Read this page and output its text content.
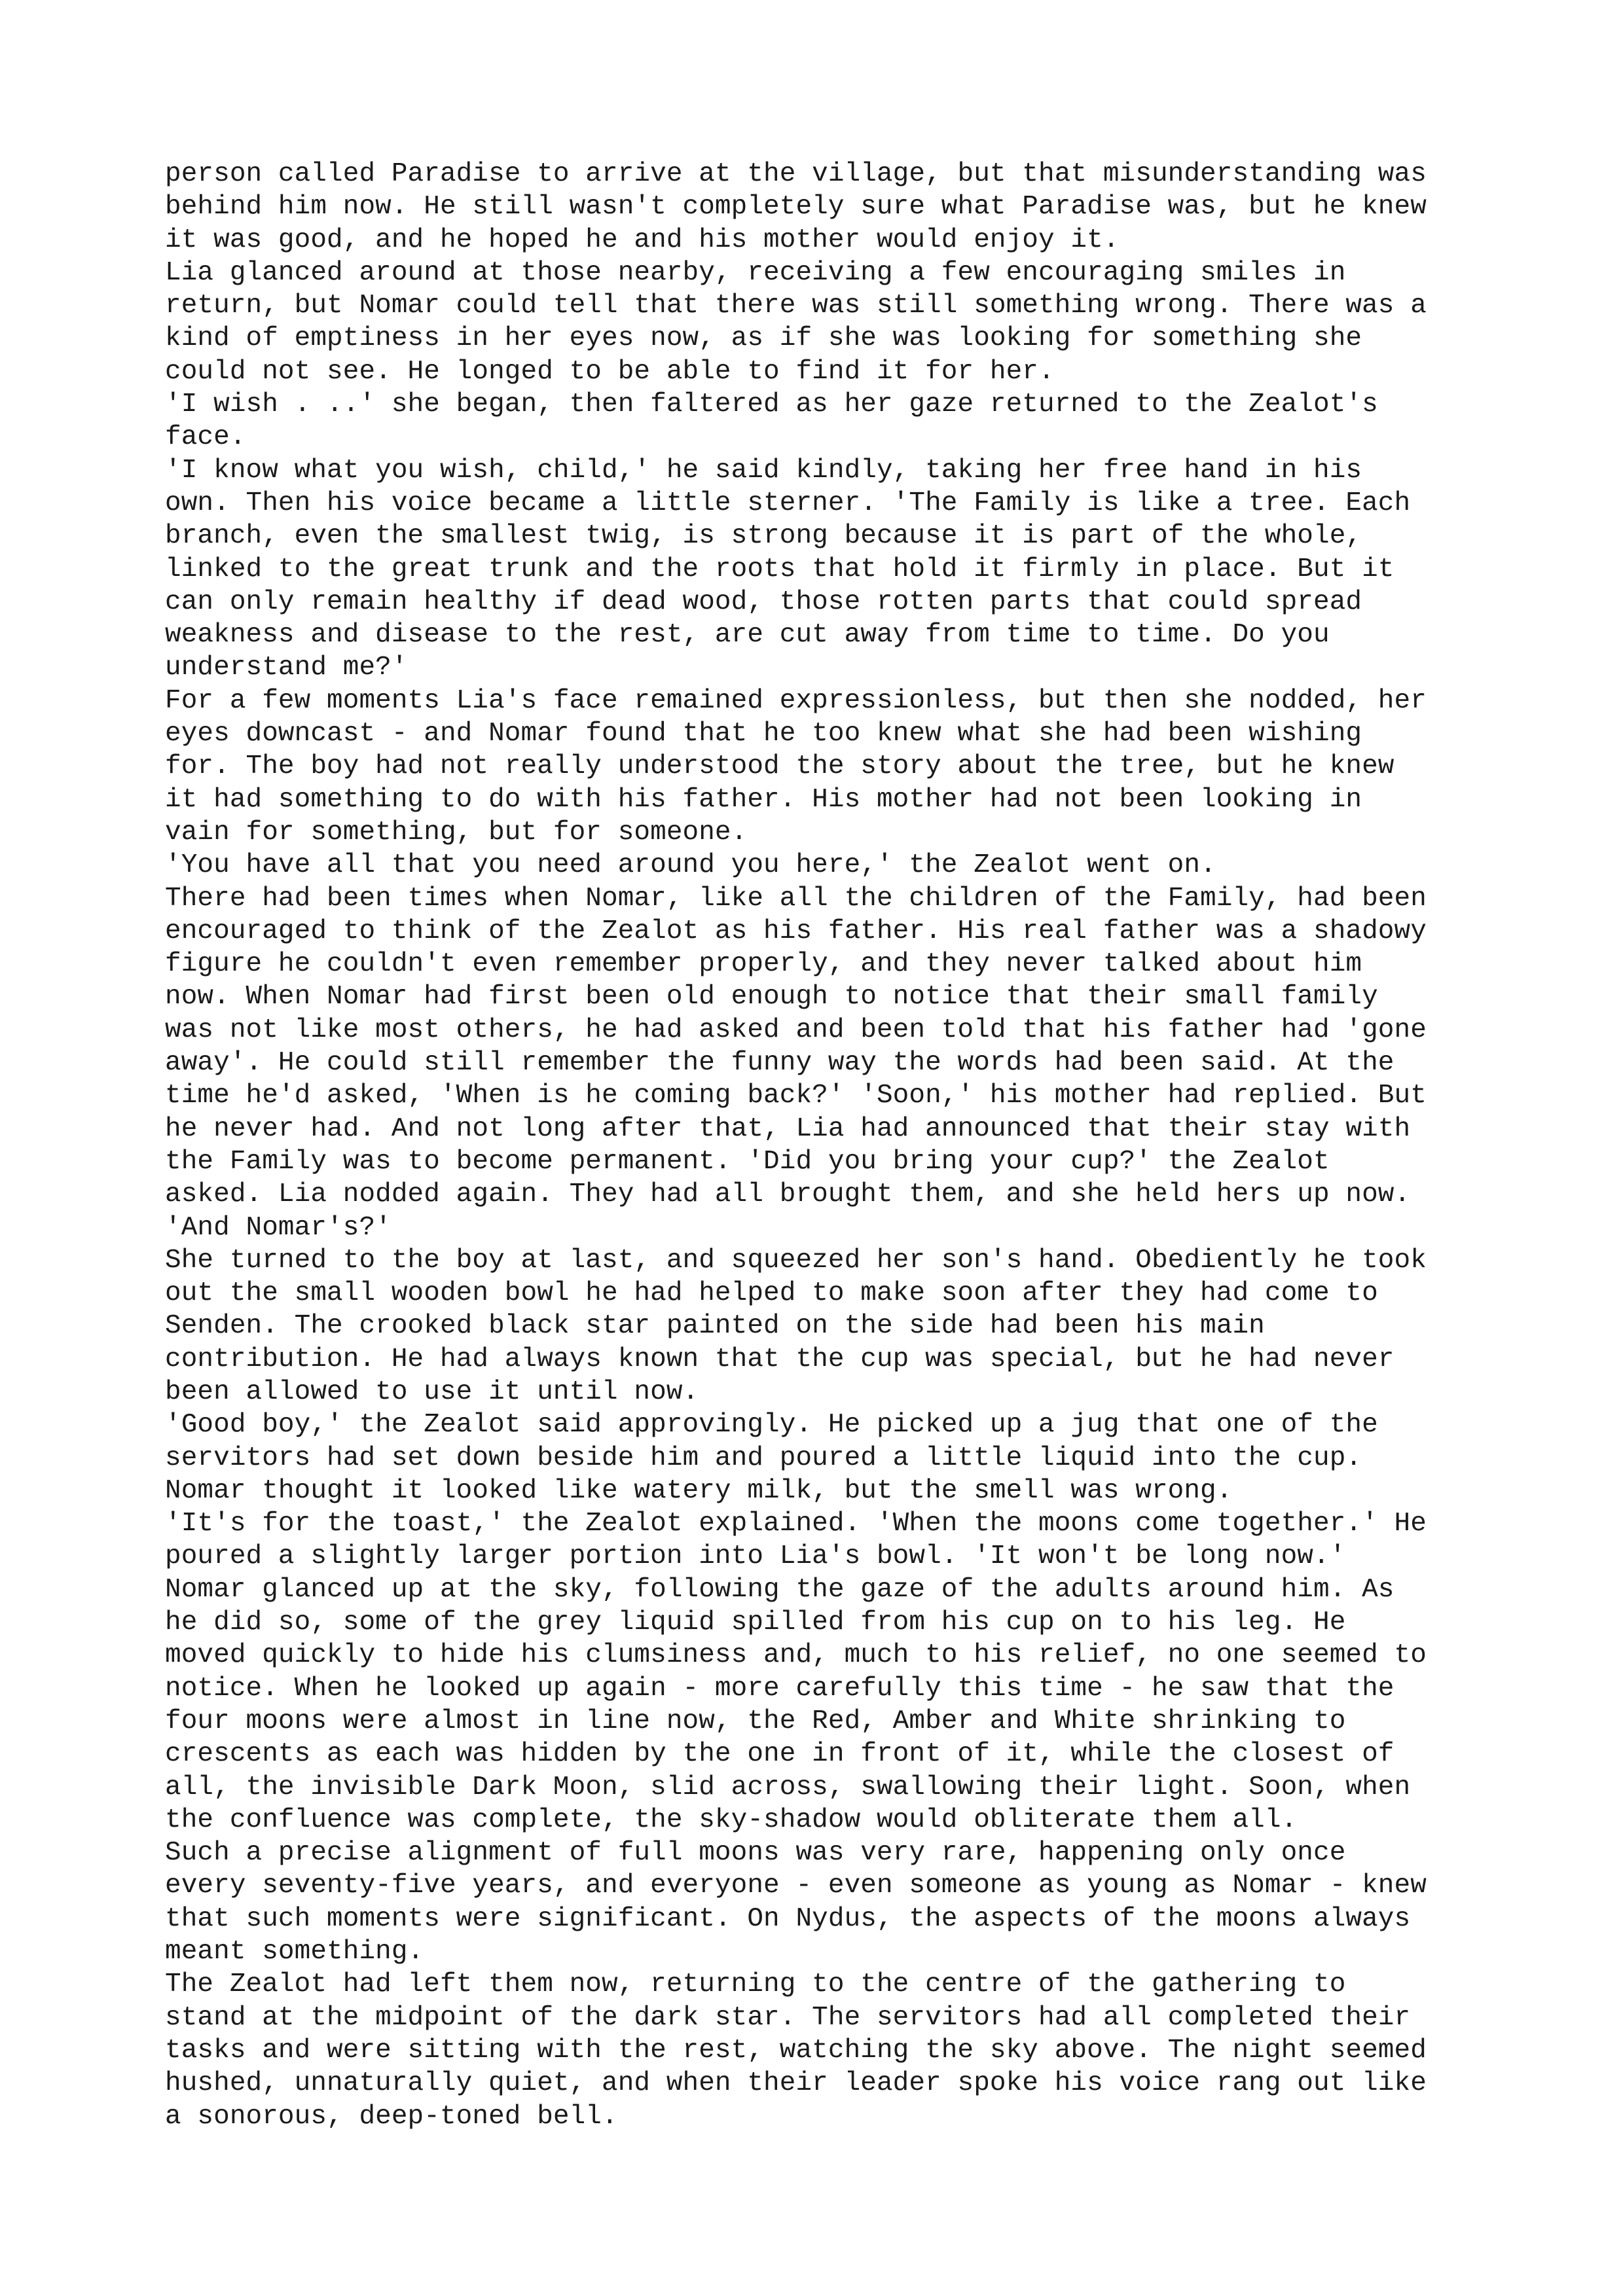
person called Paradise to arrive at the village, but that misunderstanding was
behind him now. He still wasn't completely sure what Paradise was, but he knew
it was good, and he hoped he and his mother would enjoy it.
Lia glanced around at those nearby, receiving a few encouraging smiles in
return, but Nomar could tell that there was still something wrong. There was a
kind of emptiness in her eyes now, as if she was looking for something she
could not see. He longed to be able to find it for her.
'I wish . ..' she began, then faltered as her gaze returned to the Zealot's
face.
'I know what you wish, child,' he said kindly, taking her free hand in his
own. Then his voice became a little sterner. 'The Family is like a tree. Each
branch, even the smallest twig, is strong because it is part of the whole,
linked to the great trunk and the roots that hold it firmly in place. But it
can only remain healthy if dead wood, those rotten parts that could spread
weakness and disease to the rest, are cut away from time to time. Do you
understand me?'
For a few moments Lia's face remained expressionless, but then she nodded, her
eyes downcast - and Nomar found that he too knew what she had been wishing
for. The boy had not really understood the story about the tree, but he knew
it had something to do with his father. His mother had not been looking in
vain for something, but for someone.
'You have all that you need around you here,' the Zealot went on.
There had been times when Nomar, like all the children of the Family, had been
encouraged to think of the Zealot as his father. His real father was a shadowy
figure he couldn't even remember properly, and they never talked about him
now. When Nomar had first been old enough to notice that their small family
was not like most others, he had asked and been told that his father had 'gone
away'. He could still remember the funny way the words had been said. At the
time he'd asked, 'When is he coming back?' 'Soon,' his mother had replied. But
he never had. And not long after that, Lia had announced that their stay with
the Family was to become permanent. 'Did you bring your cup?' the Zealot
asked. Lia nodded again. They had all brought them, and she held hers up now.
'And Nomar's?'
She turned to the boy at last, and squeezed her son's hand. Obediently he took
out the small wooden bowl he had helped to make soon after they had come to
Senden. The crooked black star painted on the side had been his main
contribution. He had always known that the cup was special, but he had never
been allowed to use it until now.
'Good boy,' the Zealot said approvingly. He picked up a jug that one of the
servitors had set down beside him and poured a little liquid into the cup.
Nomar thought it looked like watery milk, but the smell was wrong.
'It's for the toast,' the Zealot explained. 'When the moons come together.' He
poured a slightly larger portion into Lia's bowl. 'It won't be long now.'
Nomar glanced up at the sky, following the gaze of the adults around him. As
he did so, some of the grey liquid spilled from his cup on to his leg. He
moved quickly to hide his clumsiness and, much to his relief, no one seemed to
notice. When he looked up again - more carefully this time - he saw that the
four moons were almost in line now, the Red, Amber and White shrinking to
crescents as each was hidden by the one in front of it, while the closest of
all, the invisible Dark Moon, slid across, swallowing their light. Soon, when
the confluence was complete, the sky-shadow would obliterate them all.
Such a precise alignment of full moons was very rare, happening only once
every seventy-five years, and everyone - even someone as young as Nomar - knew
that such moments were significant. On Nydus, the aspects of the moons always
meant something.
The Zealot had left them now, returning to the centre of the gathering to
stand at the midpoint of the dark star. The servitors had all completed their
tasks and were sitting with the rest, watching the sky above. The night seemed
hushed, unnaturally quiet, and when their leader spoke his voice rang out like
a sonorous, deep-toned bell.
